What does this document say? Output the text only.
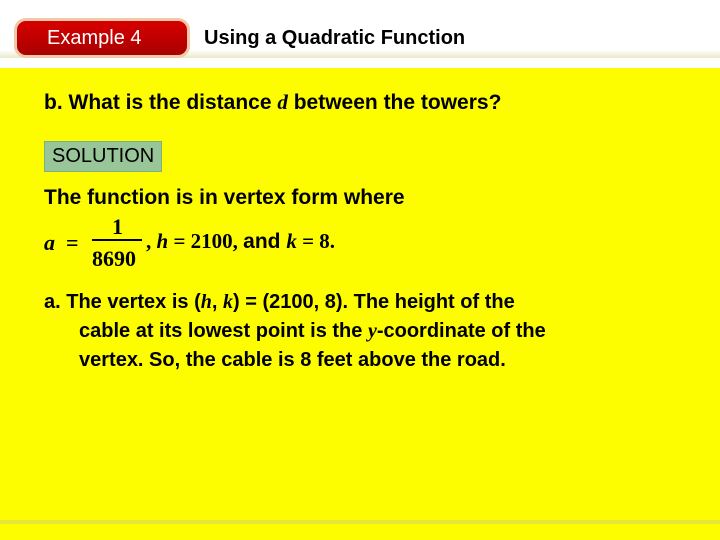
Example 4	Using a Quadratic Function
b. What is the distance d between the towers?
SOLUTION
The function is in vertex form where
a =
1
8690
, h = 2100, and k = 8.
a. The vertex is (h, k) = (2100, 8). The height of the
cable at its lowest point is the y-coordinate of the
vertex. So, the cable is 8 feet above the road.
